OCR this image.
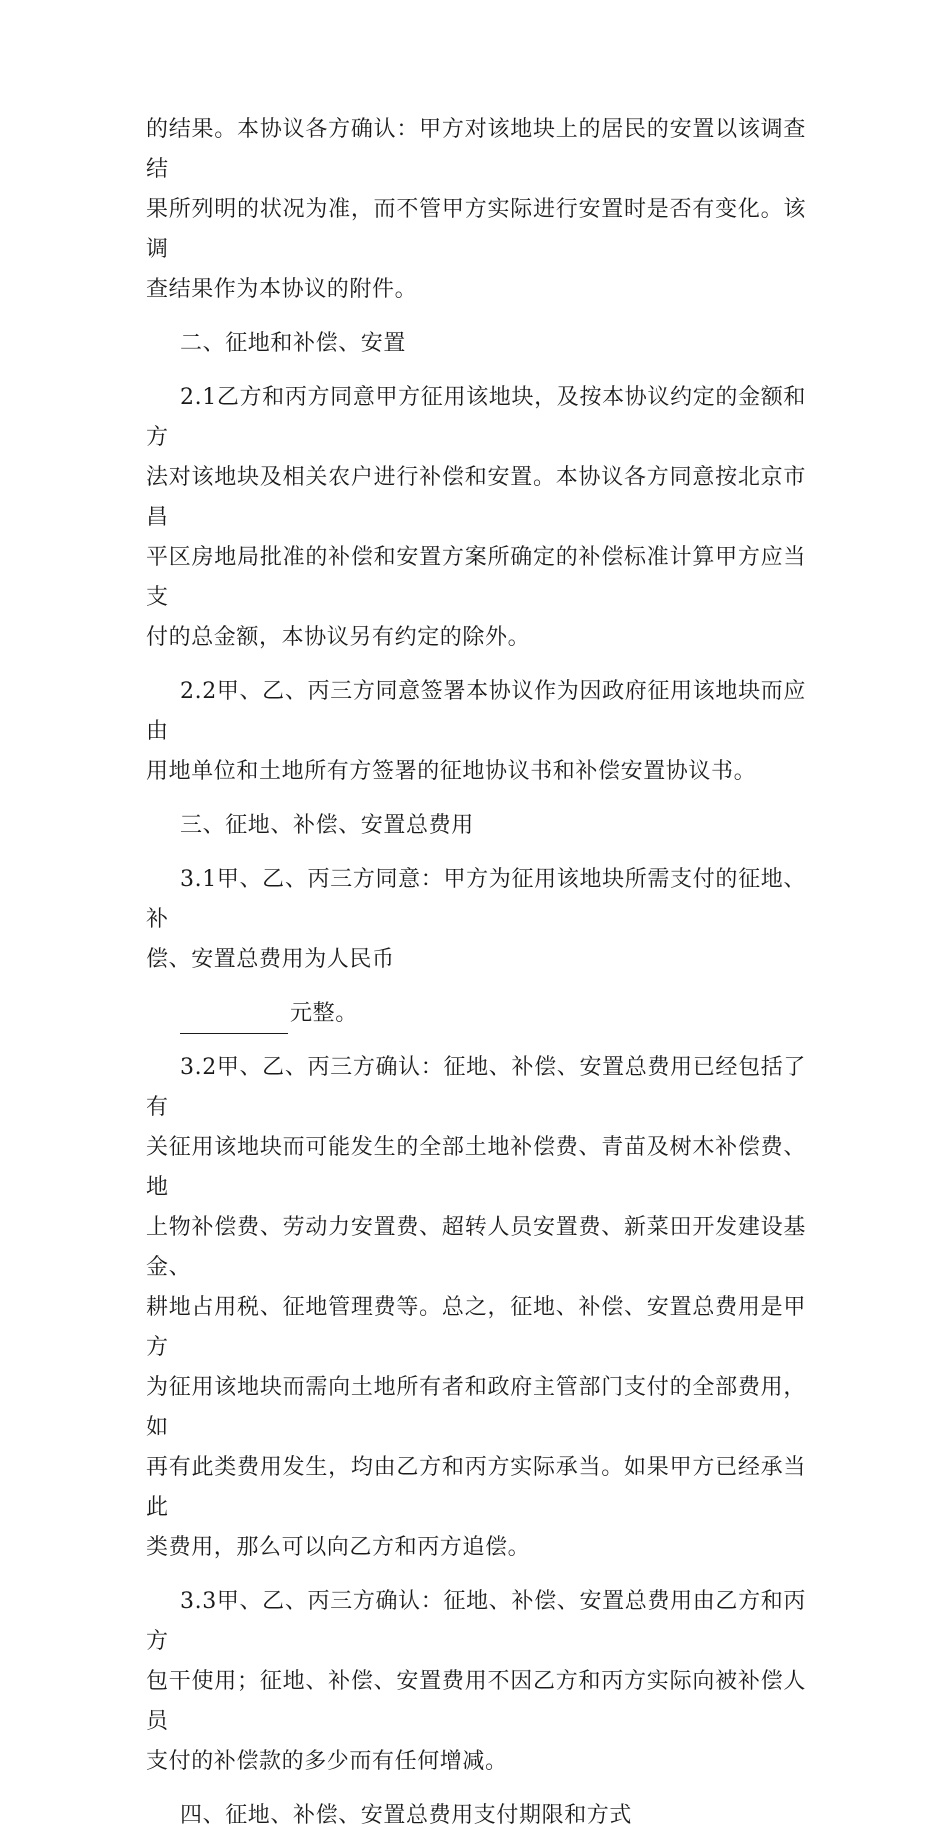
的结果。本协议各方确认：甲方对该地块上的居民的安置以该调查结
果所列明的状况为准，而不管甲方实际进行安置时是否有变化。该调
查结果作为本协议的附件。

二、征地和补偿、安置

2.1乙方和丙方同意甲方征用该地块，及按本协议约定的金额和方
法对该地块及相关农户进行补偿和安置。本协议各方同意按北京市昌
平区房地局批准的补偿和安置方案所确定的补偿标准计算甲方应当支
付的总金额，本协议另有约定的除外。

2.2甲、乙、丙三方同意签署本协议作为因政府征用该地块而应由
用地单位和土地所有方签署的征地协议书和补偿安置协议书。

三、征地、补偿、安置总费用

3.1甲、乙、丙三方同意：甲方为征用该地块所需支付的征地、补
偿、安置总费用为人民币

元整。

3.2甲、乙、丙三方确认：征地、补偿、安置总费用已经包括了有
关征用该地块而可能发生的全部土地补偿费、青苗及树木补偿费、地
上物补偿费、劳动力安置费、超转人员安置费、新菜田开发建设基金、
耕地占用税、征地管理费等。总之，征地、补偿、安置总费用是甲方
为征用该地块而需向土地所有者和政府主管部门支付的全部费用，如
再有此类费用发生，均由乙方和丙方实际承当。如果甲方已经承当此
类费用，那么可以向乙方和丙方追偿。

3.3甲、乙、丙三方确认：征地、补偿、安置总费用由乙方和丙方
包干使用；征地、补偿、安置费用不因乙方和丙方实际向被补偿人员
支付的补偿款的多少而有任何增减。

四、征地、补偿、安置总费用支付期限和方式
